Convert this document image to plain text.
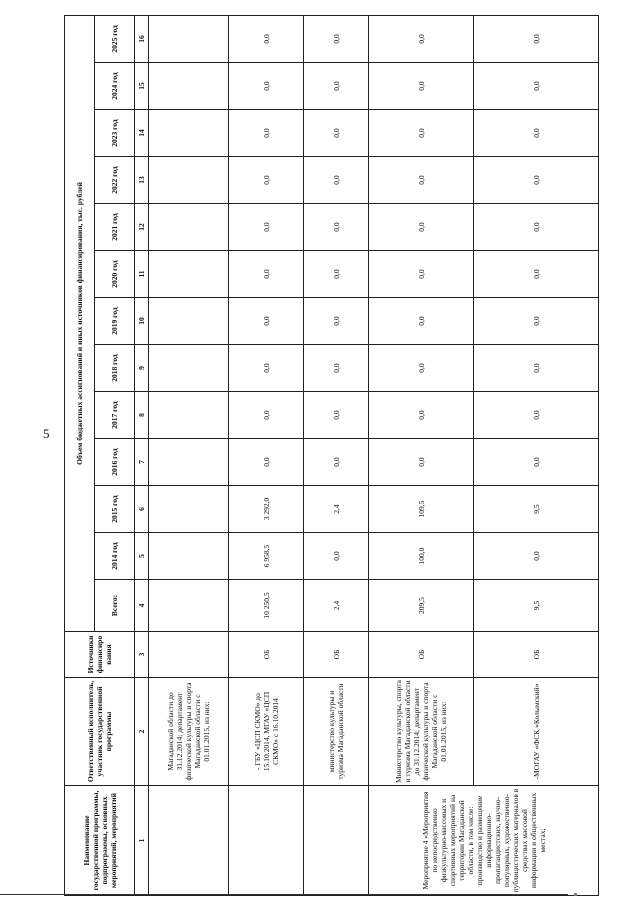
5
Наименование государственной программы, подпрограммы, основных мероприятий, мероприятий	Ответственный исполнитель, участник государственной программы	Источники финансирования	Объем бюджетных ассигнований и иных источников финансирования, тыс. рублей												
			Всего:	2014 год	2015 год	2016 год	2017 год	2018 год	2019 год	2020 год	2021 год	2022 год	2023 год	2024 год	2025 год
1	2	3	4	5	6	7	8	9	10	11	12	13	14	15	16
	Магаданской области до 31.12.2014; департамент физической культуры и спорта Магаданской области с 01.01.2015, из них:														
	- ГБУ «ЦСП СКМО» до 15.10.2014, МГАУ «ЦСП СКМО» с 16.10.2014	ОБ	10 250,5	6 958,5	3 292,0	0,0	0,0	0,0	0,0	0,0	0,0	0,0	0,0	0,0	0,0
	министерство культуры и туризма Магаданской области	ОБ	2,4	0,0	2,4	0,0	0,0	0,0	0,0	0,0	0,0	0,0	0,0	0,0	0,0
Мероприятие 4 «Мероприятия по непосредственно физкультурно-массовых и спортивных мероприятий на территории Магаданской области, в том числе: производство и размещение информационно-пропагандистских, научно-популярных, художественно-публицистических материалов в средствах массовой информации и общественных местах;	Министерство культуры, спорта и туризма Магаданской области до 31.12.2014; департамент физической культуры и спорта Магаданской области с 01.01.2015, из них:	ОБ	209,5	100,0	109,5	0,0	0,0	0,0	0,0	0,0	0,0	0,0	0,0	0,0	0,0
	-МОГАУ «ФСК «Колымский»	ОБ	9,5	0,0	9,5	0,0	0,0	0,0	0,0	0,0	0,0	0,0	0,0	0,0	0,0
